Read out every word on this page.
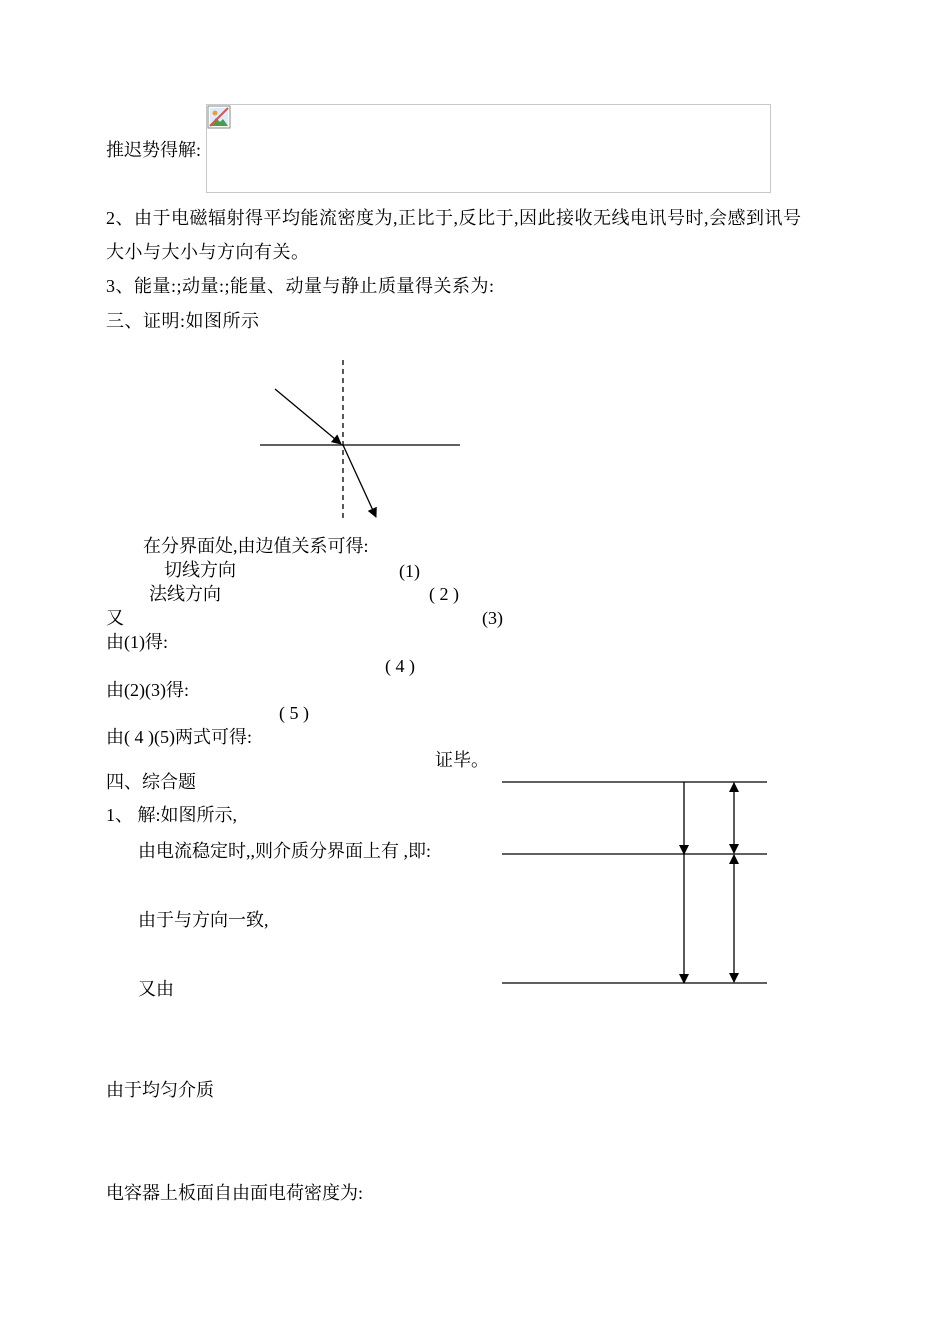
推迟势得解:
2、由于电磁辐射得平均能流密度为,正比于,反比于,因此接收无线电讯号时,会感到讯号
大小与大小与方向有关。
3、能量:;动量:;能量、动量与静止质量得关系为:
三、证明:如图所示
在分界面处,由边值关系可得:
切线方向	(1)
法线方向	( 2 )
又	(3)
由(1)得:
( 4 )
由(2)(3)得:
( 5 )
由( 4 )(5)两式可得:
证毕。
四、综合题
1、 解:如图所示,
由电流稳定时,,则介质分界面上有 ,即:
由于与方向一致,
又由
由于均匀介质
电容器上板面自由面电荷密度为:
